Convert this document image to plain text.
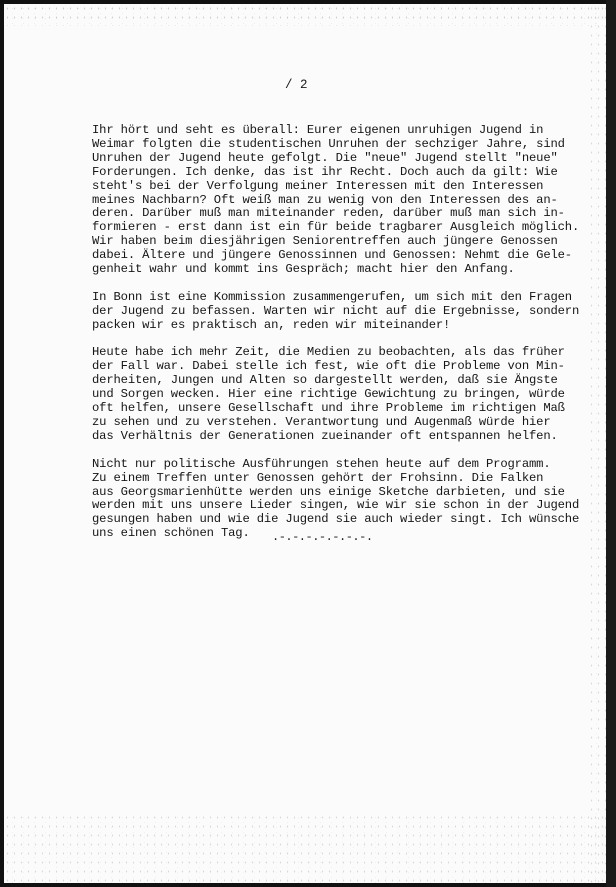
/ 2
Ihr hört und seht es überall: Eurer eigenen unruhigen Jugend in
Weimar folgten die studentischen Unruhen der sechziger Jahre, sind
Unruhen der Jugend heute gefolgt. Die "neue" Jugend stellt "neue"
Forderungen. Ich denke, das ist ihr Recht. Doch auch da gilt: Wie
steht's bei der Verfolgung meiner Interessen mit den Interessen
meines Nachbarn? Oft weiß man zu wenig von den Interessen des an-
deren. Darüber muß man miteinander reden, darüber muß man sich in-
formieren - erst dann ist ein für beide tragbarer Ausgleich möglich.
Wir haben beim diesjährigen Seniorentreffen auch jüngere Genossen
dabei. Ältere und jüngere Genossinnen und Genossen: Nehmt die Gele-
genheit wahr und kommt ins Gespräch; macht hier den Anfang.
In Bonn ist eine Kommission zusammengerufen, um sich mit den Fragen
der Jugend zu befassen. Warten wir nicht auf die Ergebnisse, sondern
packen wir es praktisch an, reden wir miteinander!
Heute habe ich mehr Zeit, die Medien zu beobachten, als das früher
der Fall war. Dabei stelle ich fest, wie oft die Probleme von Min-
derheiten, Jungen und Alten so dargestellt werden, daß sie Ängste
und Sorgen wecken. Hier eine richtige Gewichtung zu bringen, würde
oft helfen, unsere Gesellschaft und ihre Probleme im richtigen Maß
zu sehen und zu verstehen. Verantwortung und Augenmaß würde hier
das Verhältnis der Generationen zueinander oft entspannen helfen.
Nicht nur politische Ausführungen stehen heute auf dem Programm.
Zu einem Treffen unter Genossen gehört der Frohsinn. Die Falken
aus Georgsmarienhütte werden uns einige Sketche darbieten, und sie
werden mit uns unsere Lieder singen, wie wir sie schon in der Jugend
gesungen haben und wie die Jugend sie auch wieder singt. Ich wünsche
uns einen schönen Tag.	.-.-.-.-.-.-.-.
